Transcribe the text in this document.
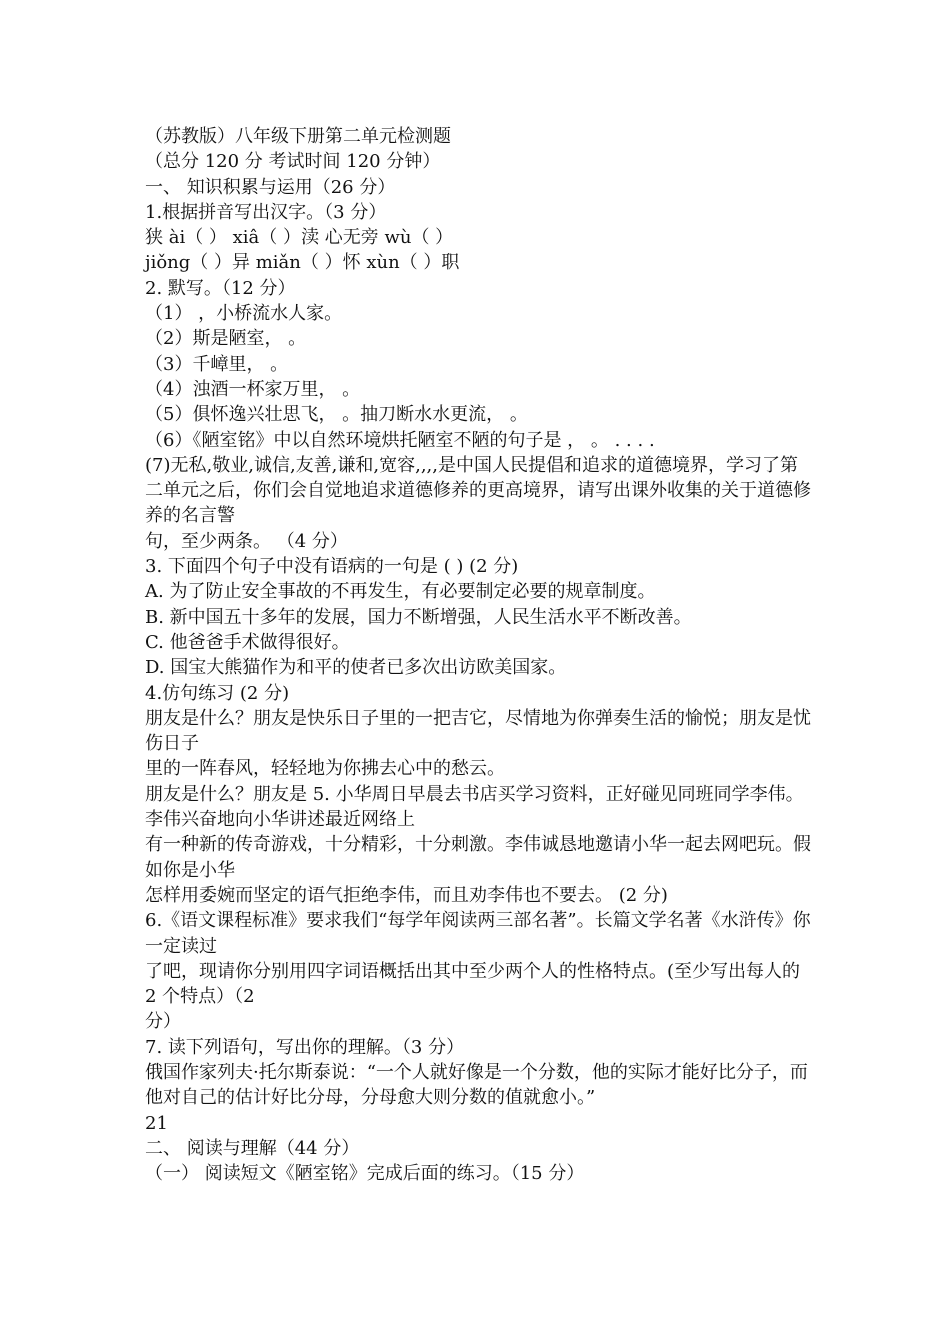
（苏教版）八年级下册第二单元检测题
（总分 120 分 考试时间 120 分钟）
一、 知识积累与运用（26 分）
1.根据拼音写出汉字。（3 分）
狭 ài（ ） xiâ（ ）渎 心无旁 wù（ ）
jiǒng（ ）异 miǎn（ ）怀 xùn（ ）职
2. 默写。（12 分）
（1） ，小桥流水人家。
（2）斯是陋室， 。
（3）千嶂里， 。
（4）浊酒一杯家万里， 。
（5）俱怀逸兴壮思飞， 。抽刀断水水更流， 。
（6）《陋室铭》中以自然环境烘托陋室不陋的句子是 ， 。 . . . .
(7)无私,敬业,诚信,友善,谦和,宽容,,,,是中国人民提倡和追求的道德境界，学习了第
二单元之后，你们会自觉地追求道德修养的更高境界，请写出课外收集的关于道德修养的名言警
句，至少两条。 （4 分）
3. 下面四个句子中没有语病的一句是 ( ) (2 分)
A. 为了防止安全事故的不再发生，有必要制定必要的规章制度。
B. 新中国五十多年的发展，国力不断增强，人民生活水平不断改善。
C. 他爸爸手术做得很好。
D. 国宝大熊猫作为和平的使者已多次出访欧美国家。
4.仿句练习 (2 分)
朋友是什么？朋友是快乐日子里的一把吉它，尽情地为你弹奏生活的愉悦；朋友是忧伤日子
里的一阵春风，轻轻地为你拂去心中的愁云。
朋友是什么？朋友是 5. 小华周日早晨去书店买学习资料，正好碰见同班同学李伟。李伟兴奋地向小华讲述最近网络上
有一种新的传奇游戏，十分精彩，十分刺激。李伟诚恳地邀请小华一起去网吧玩。假如你是小华
怎样用委婉而坚定的语气拒绝李伟，而且劝李伟也不要去。 (2 分)
6.《语文课程标准》要求我们“每学年阅读两三部名著”。长篇文学名著《水浒传》你一定读过
了吧，现请你分别用四字词语概括出其中至少两个人的性格特点。(至少写出每人的 2 个特点）（2
分）
7. 读下列语句，写出你的理解。（3 分）
俄国作家列夫·托尔斯泰说：“一个人就好像是一个分数，他的实际才能好比分子，而
他对自己的估计好比分母，分母愈大则分数的值就愈小。”
21
二、 阅读与理解（44 分）
（一） 阅读短文《陋室铭》完成后面的练习。（15 分）
